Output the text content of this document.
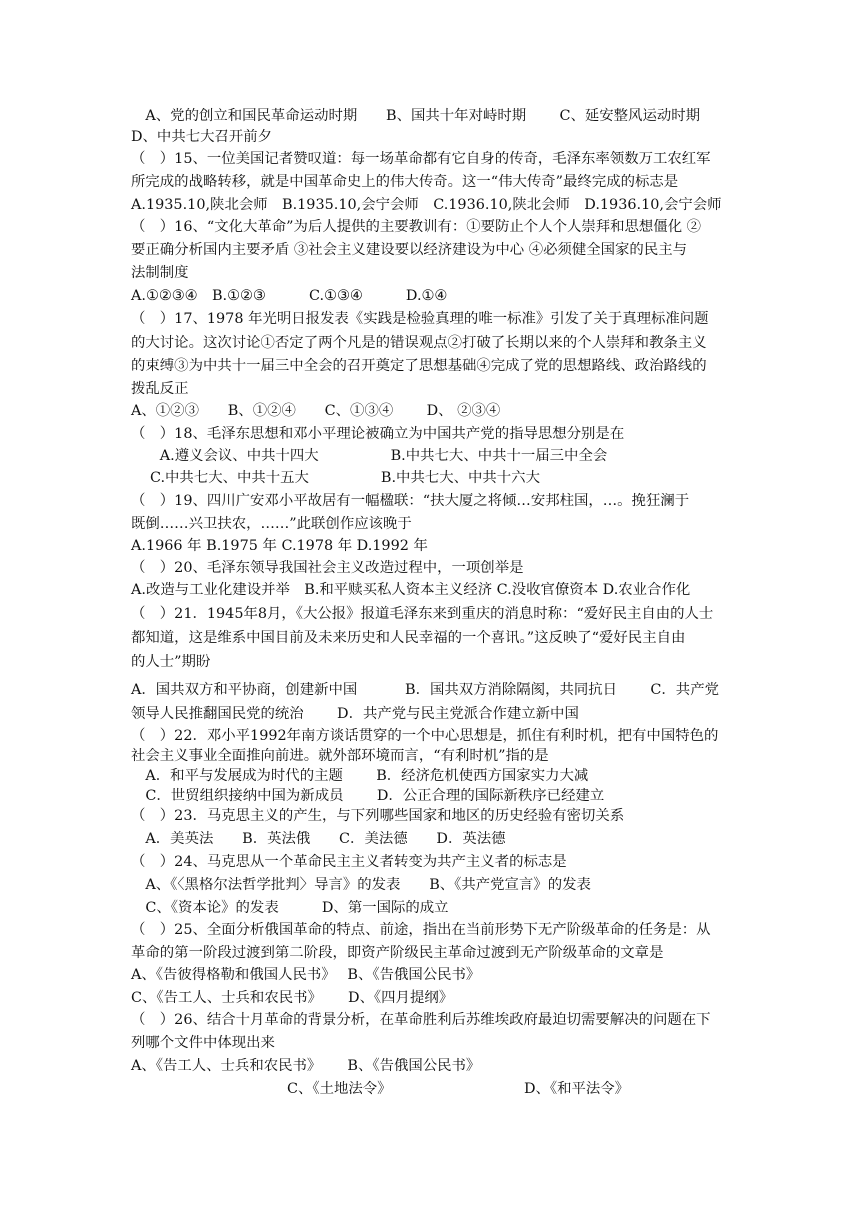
　A、党的创立和国民革命运动时期　　B、国共十年对峙时期　　 C、延安整风运动时期
D、中共七大召开前夕
（　）15、一位美国记者赞叹道：每一场革命都有它自身的传奇，毛泽东率领数万工农红军
所完成的战略转移，就是中国革命史上的伟大传奇。这一“伟大传奇”最终完成的标志是
A.1935.10,陕北会师　B.1935.10,会宁会师　C.1936.10,陕北会师　D.1936.10,会宁会师
（　）16、“文化大革命”为后人提供的主要教训有：①要防止个人个人崇拜和思想僵化 ②
要正确分析国内主要矛盾 ③社会主义建设要以经济建设为中心 ④必须健全国家的民主与
法制制度
A.①②③④　B.①②③　　　C.①③④　　　D.①④
（　）17、1978 年光明日报发表《实践是检验真理的唯一标准》引发了关于真理标准问题
的大讨论。这次讨论①否定了两个凡是的错误观点②打破了长期以来的个人崇拜和教条主义
的束缚③为中共十一届三中全会的召开奠定了思想基础④完成了党的思想路线、政治路线的
拨乱反正
A、①②③　　B、①②④　　C、①③④　　 D、 ②③④
（　）18、毛泽东思想和邓小平理论被确立为中国共产党的指导思想分别是在
　　A.遵义会议、中共十四大　　　　　B.中共七大、中共十一届三中全会
　 C.中共七大、中共十五大　　　　　B.中共七大、中共十六大
（　）19、四川广安邓小平故居有一幅楹联：“扶大厦之将倾…安邦柱国，…。挽狂澜于
既倒……兴卫扶农，……”此联创作应该晚于
A.1966 年 B.1975 年 C.1978 年 D.1992 年
（　）20、毛泽东领导我国社会主义改造过程中，一项创举是
A.改造与工业化建设并举　B.和平赎买私人资本主义经济 C.没收官僚资本 D.农业合作化
（　）21．1945年8月，《大公报》报道毛泽东来到重庆的消息时称：“爱好民主自由的人士
都知道，这是维系中国目前及未来历史和人民幸福的一个喜讯。”这反映了“爱好民主自由
的人士”期盼
A．国共双方和平协商，创建新中国　　　 B．国共双方消除隔阂，共同抗日　　 C．共产党
领导人民推翻国民党的统治　　 D．共产党与民主党派合作建立新中国
（　）22．邓小平1992年南方谈话贯穿的一个中心思想是，抓住有利时机，把有中国特色的
社会主义事业全面推向前进。就外部环境而言，“有利时机”指的是
　A．和平与发展成为时代的主题　　 B．经济危机使西方国家实力大减
　C．世贸组织接纳中国为新成员　　 D．公正合理的国际新秩序已经建立
（　）23．马克思主义的产生，与下列哪些国家和地区的历史经验有密切关系
　A．美英法　　B．英法俄　　C．美法德　　D．英法德
（　）24、马克思从一个革命民主主义者转变为共产主义者的标志是
　A、《〈黑格尔法哲学批判〉导言》的发表　　B、《共产党宣言》的发表
　C、《资本论》的发表　　　D、第一国际的成立
（　）25、全面分析俄国革命的特点、前途，指出在当前形势下无产阶级革命的任务是：从
革命的第一阶段过渡到第二阶段，即资产阶级民主革命过渡到无产阶级革命的文章是
A、《告彼得格勒和俄国人民书》　 B、《告俄国公民书》
C、《告工人、士兵和农民书》　　 D、《四月提纲》
（　）26、结合十月革命的背景分析，在革命胜利后苏维埃政府最迫切需要解决的问题在下
列哪个文件中体现出来
A、《告工人、士兵和农民书》　　 B、《告俄国公民书》
C、《土地法令》	D、《和平法令》
